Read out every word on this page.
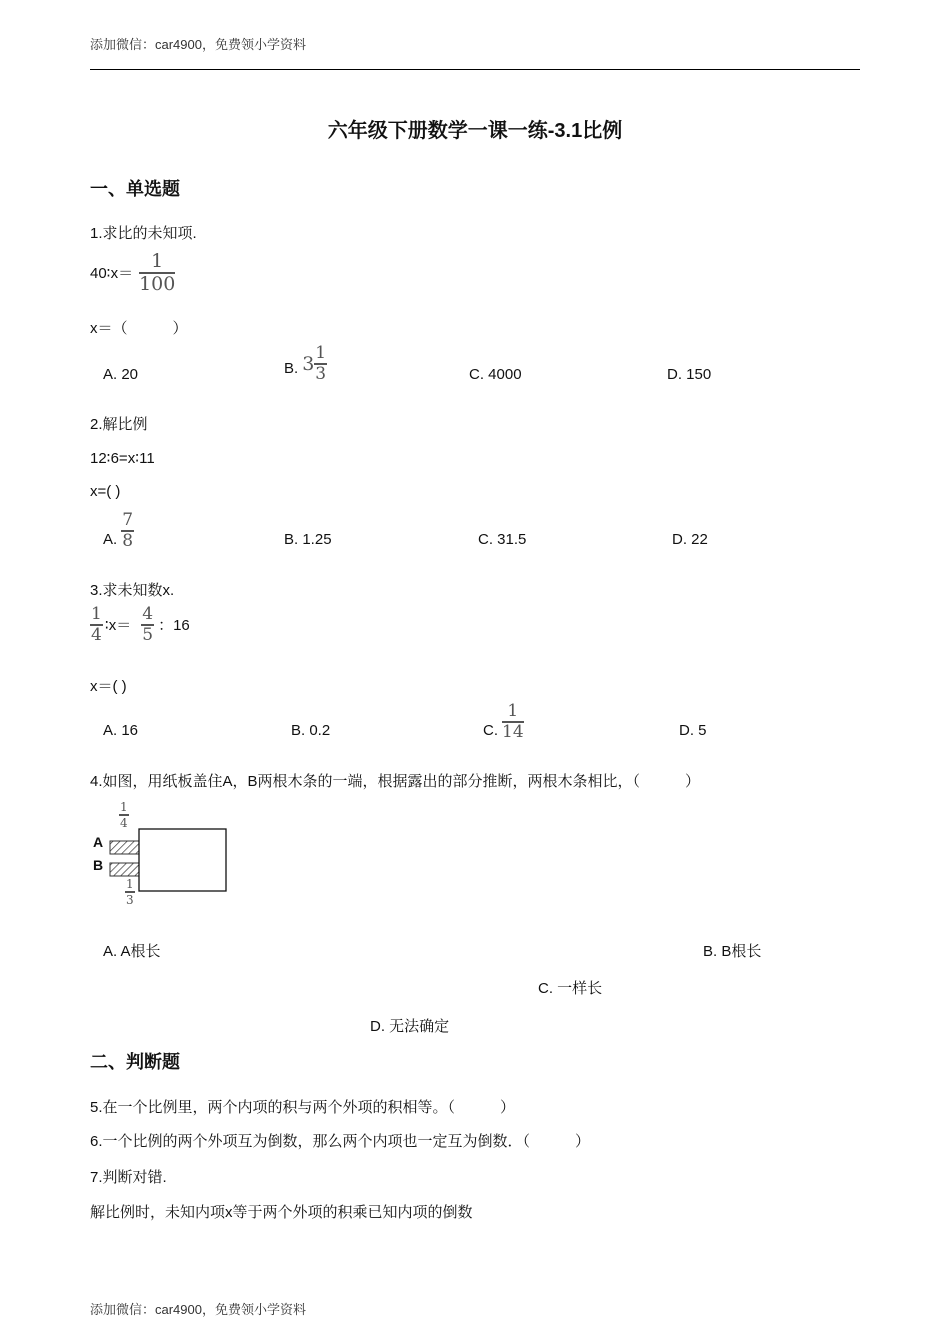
添加微信：car4900，免费领小学资料
六年级下册数学一课一练-3.1比例
一、单选题
1.求比的未知项.
40∶x＝ $\frac{1}{100}$
x＝（　　　）
A. 20	B. $3 \frac{1}{3}$	C. 4000	D. 150
2.解比例
12∶6=x∶11
x=( )
A. $\frac{7}{8}$	B. 1.25	C. 31.5	D. 22
3.求未知数x.
$\frac{1}{4}$ ∶x＝ $\frac{4}{5}$ ：16
x＝( )
A. 16	B. 0.2	C. $\frac{1}{14}$	D. 5
4.如图，用纸板盖住A，B两根木条的一端，根据露出的部分推断，两根木条相比，（　　　）
1
4
A
B
1
3
A. A根长	B. B根长
C. 一样长
D. 无法确定
二、判断题
5.在一个比例里，两个内项的积与两个外项的积相等。（　　　）
6.一个比例的两个外项互为倒数，那么两个内项也一定互为倒数．（　　　）
7.判断对错.
解比例时，未知内项x等于两个外项的积乘已知内项的倒数
添加微信：car4900，免费领小学资料
